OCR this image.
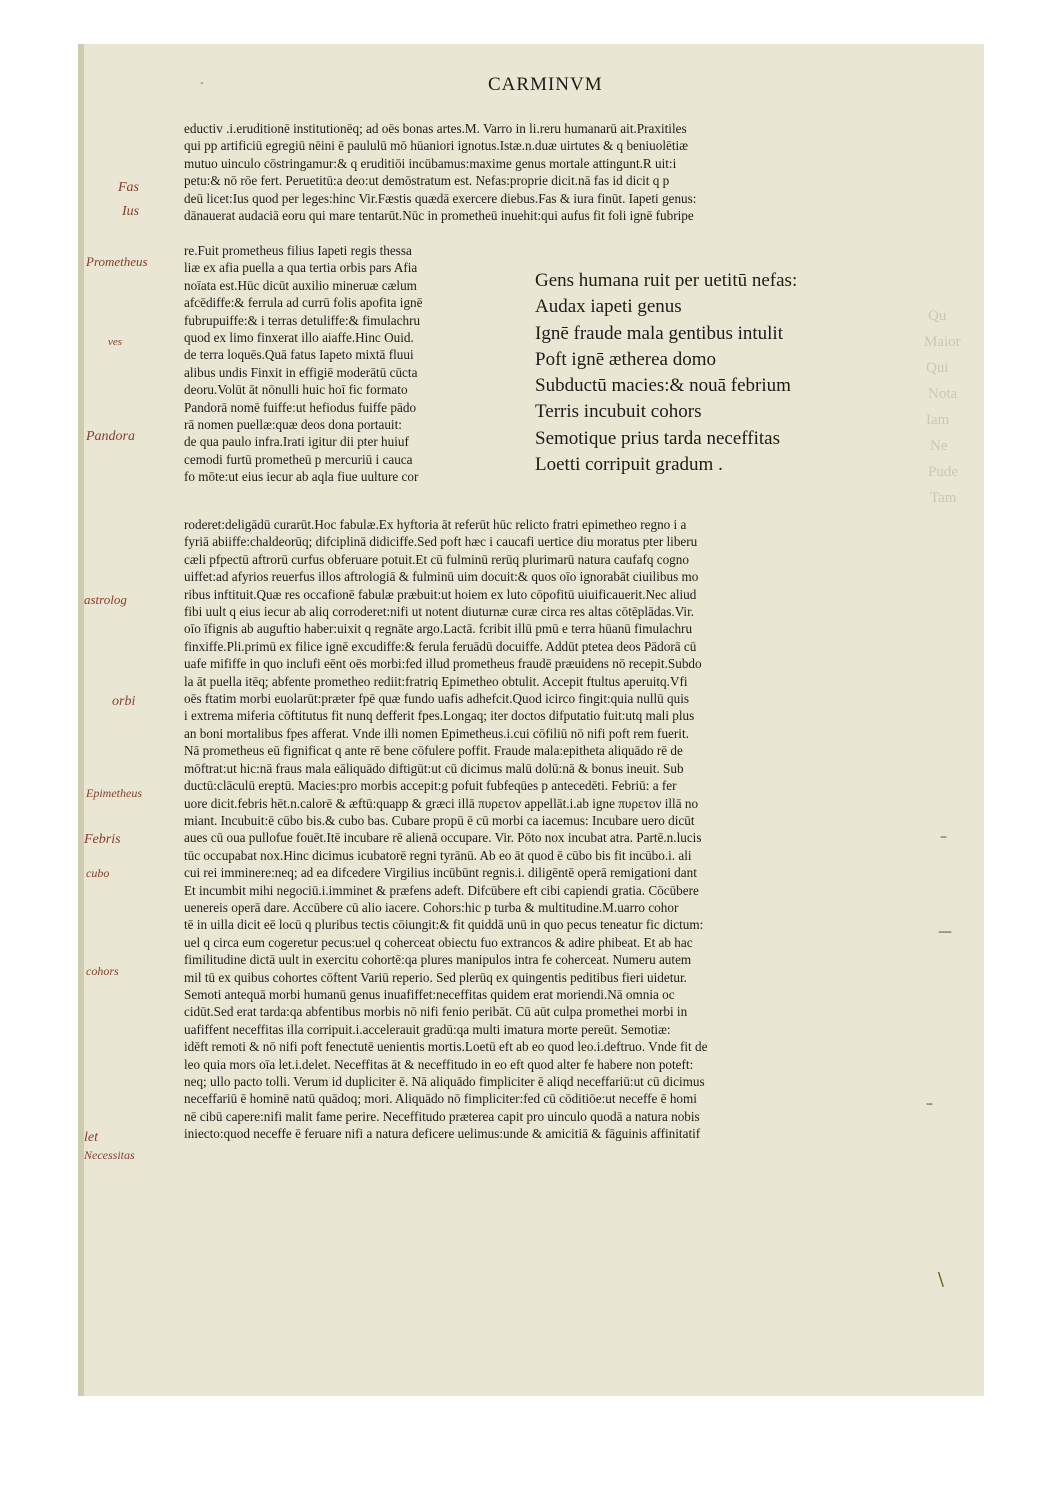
-	CARMINVM
Qu
Maior
Qui
Nota
Iam
Ne
Pude
Tam
Fas
Ius
Prometheus
ves
Pandora
astrolog
orbi
Epimetheus
Febris
cubo
cohors
let
Necessitas
eductiv .i.eruditionē institutionēq; ad oēs bonas artes.M. Varro in li.reru humanarū ait.Praxitiles
qui pp artificiū egregiū nēini ē paululū mō hūaniori ignotus.Istæ.n.duæ uirtutes & q beniuolētiæ
mutuo uinculo cōstringamur:& q eruditiōi incūbamus:maxime genus mortale attingunt.R uit:i
petu:& nō rōe fert. Peruetitū:a deo:ut demōstratum est. Nefas:proprie dicit.nā fas id dicit q p
deū licet:Ius quod per leges:hinc Vir.Fæstis quædā exercere diebus.Fas & iura finūt. Iapeti genus:
dānauerat audaciā eoru qui mare tentarūt.Nūc in prometheū inuehit:qui aufus fit foli ignē fubripe
re.Fuit prometheus filius Iapeti regis thessa
liæ ex afia puella a qua tertia orbis pars Afia
noīata est.Hūc dicūt auxilio mineruæ cælum
afcēdiffe:& ferrula ad currū folis apofita ignē
fubrupuiffe:& i terras detuliffe:& fimulachru
quod ex limo finxerat illo aiaffe.Hinc Ouid.
de terra loquēs.Quā fatus Iapeto mixtā fluui
alibus undis Finxit in effigiē moderātū cūcta
deoru.Volūt āt nōnulli huic hoī fic formato
Pandorā nomē fuiffe:ut hefiodus fuiffe pādo
rā nomen puellæ:quæ deos dona portauit:
de qua paulo infra.Irati igitur dii pter huiuf
cemodi furtū prometheū p mercuriū i cauca
fo mōte:ut eius iecur ab aqla fiue uulture cor
Gens humana ruit per uetitū nefas:
Audax iapeti genus
Ignē fraude mala gentibus intulit
Poft ignē ætherea domo
Subductū macies:& nouā febrium
Terris incubuit cohors
Semotique prius tarda neceffitas
Loetti corripuit gradum .
roderet:deligādū curarūt.Hoc fabulæ.Ex hyftoria āt referūt hūc relicto fratri epimetheo regno i a
fyriā abiiffe:chaldeorūq; difciplinā didiciffe.Sed poft hæc i caucafi uertice diu moratus pter liberu
cæli pfpectū aftrorū curfus obferuare potuit.Et cū fulminū rerūq plurimarū natura caufafq cogno
uiffet:ad afyrios reuerfus illos aftrologiā & fulminū uim docuit:& quos oīo ignorabāt ciuilibus mo
ribus inftituit.Quæ res occafionē fabulæ præbuit:ut hoiem ex luto cōpofitū uiuificauerit.Nec aliud
fibi uult q eius iecur ab aliq corroderet:nifi ut notent diuturnæ curæ circa res altas cōtēplādas.Vir.
oīo īfignis ab auguftio haber:uixit q regnāte argo.Lactā. fcribit illū pmū e terra hūanū fimulachru
finxiffe.Pli.primū ex filice ignē excudiffe:& ferula feruādū docuiffe. Addūt ptetea deos Pādorā cū
uafe mififfe in quo inclufi eēnt oēs morbi:fed illud prometheus fraudē præuidens nō recepit.Subdo
la āt puella itēq; abfente prometheo rediit:fratriq Epimetheo obtulit. Accepit ftultus aperuitq.Vfi
oēs ftatim morbi euolarūt:præter fpē quæ fundo uafis adhefcit.Quod icirco fingit:quia nullū quis
i extrema miferia cōftitutus fit nunq defferit fpes.Longaq; iter doctos difputatio fuit:utq mali plus
an boni mortalibus fpes afferat. Vnde illi nomen Epimetheus.i.cui cōfiliū nō nifi poft rem fuerit.
Nā prometheus eū fignificat q ante rē bene cōfulere poffit. Fraude mala:epitheta aliquādo rē de
mōftrat:ut hic:nā fraus mala eāliquādo diftigūt:ut cū dicimus malū dolū:nā & bonus ineuit. Sub
ductū:clāculū ereptū. Macies:pro morbis accepit:g pofuit fubfeqūes p antecedēti. Febriū: a fer
uore dicit.febris hēt.n.calorē & æftū:quapp & græci illā πυρετον appellāt.i.ab igne πυρετον illā no
miant. Incubuit:ē cūbo bis.& cubo bas. Cubare propū ē cū morbi ca iacemus: Incubare uero dicūt
aues cū oua pullofue fouēt.Itē incubare rē alienā occupare. Vir. Pōto nox incubat atra. Partē.n.lucis
tūc occupabat nox.Hinc dicimus icubatorē regni tyrānū. Ab eo āt quod ē cūbo bis fit incūbo.i. ali
cui rei imminere:neq; ad ea difcedere Virgilius incūbūnt regnis.i. diligēntē operā remigationi dant
Et incumbit mihi negociū.i.imminet & præfens adeft. Difcūbere eft cibi capiendi gratia. Cōcūbere
uenereis operā dare. Accūbere cū alio iacere. Cohors:hic p turba & multitudine.M.uarro cohor
tē in uilla dicit eē locū q pluribus tectis cōiungit:& fit quiddā unū in quo pecus teneatur fic dictum:
uel q circa eum cogeretur pecus:uel q coherceat obiectu fuo extrancos & adire phibeat. Et ab hac
fimilitudine dictā uult in exercitu cohortē:qa plures manipulos intra fe coherceat. Numeru autem
mil tū ex quibus cohortes cōftent Variū reperio. Sed plerūq ex quingentis peditibus fieri uidetur.
Semoti antequā morbi humanū genus inuafiffet:neceffitas quidem erat moriendi.Nā omnia oc
cidūt.Sed erat tarda:qa abfentibus morbis nō nifi fenio peribāt. Cū aūt culpa promethei morbi in
uafiffent neceffitas illa corripuit.i.accelerauit gradū:qa multi imatura morte pereūt. Semotiæ:
idēft remoti & nō nifi poft fenectutē uenientis mortis.Loetū eft ab eo quod leo.i.deftruo. Vnde fit de
leo quia mors oīa let.i.delet. Neceffitas āt & neceffitudo in eo eft quod alter fe habere non poteft:
neq; ullo pacto tolli. Verum id dupliciter ē. Nā aliquādo fimpliciter ē aliqd neceffariū:ut cū dicimus
neceffariū ē hominē natū quādoq; mori. Aliquādo nō fimpliciter:fed cū cōditiōe:ut neceffe ē homi
nē cibū capere:nifi malit fame perire. Neceffitudo præterea capit pro uinculo quodā a natura nobis
iniecto:quod neceffe ē feruare nifi a natura deficere uelimus:unde & amicitiā & fāguinis affinitatif
–
—
–
\
